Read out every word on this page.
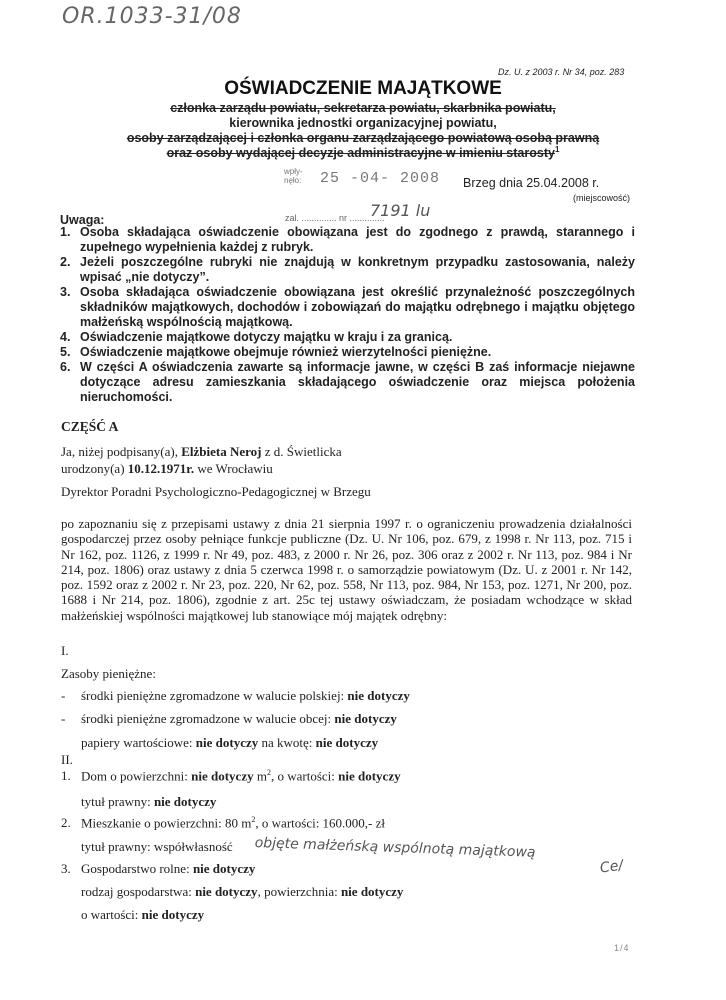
OR.1033-31/08
Dz. U. z 2003 r. Nr 34, poz. 283
OŚWIADCZENIE MAJĄTKOWE
członka zarządu powiatu, sekretarza powiatu, skarbnika powiatu,
kierownika jednostki organizacyjnej powiatu,
osoby zarządzającej i członka organu zarządzającego powiatową osobą prawną
oraz osoby wydającej decyzje administracyjne w imieniu starosty$^1$
wpły-
nęło: 25 -04- 2008 Brzeg dnia 25.04.2008 r.
(miejscowość)
zal. .............. nr ..............
7191 lu
Uwaga:
1. Osoba składająca oświadczenie obowiązana jest do zgodnego z prawdą, starannego i zupełnego wypełnienia każdej z rubryk.
2. Jeżeli poszczególne rubryki nie znajdują w konkretnym przypadku zastosowania, należy wpisać „nie dotyczy”.
3. Osoba składająca oświadczenie obowiązana jest określić przynależność poszczególnych składników majątkowych, dochodów i zobowiązań do majątku odrębnego i majątku objętego małżeńską wspólnością majątkową.
4. Oświadczenie majątkowe dotyczy majątku w kraju i za granicą.
5. Oświadczenie majątkowe obejmuje również wierzytelności pieniężne.
6. W części A oświadczenia zawarte są informacje jawne, w części B zaś informacje niejawne dotyczące adresu zamieszkania składającego oświadczenie oraz miejsca położenia nieruchomości.
CZĘŚĆ A
Ja, niżej podpisany(a), Elżbieta Neroj z d. Świetlicka
urodzony(a) 10.12.1971r. we Wrocławiu
Dyrektor Poradni Psychologiczno-Pedagogicznej w Brzegu
po zapoznaniu się z przepisami ustawy z dnia 21 sierpnia 1997 r. o ograniczeniu prowadzenia działalności gospodarczej przez osoby pełniące funkcje publiczne (Dz. U. Nr 106, poz. 679, z 1998 r. Nr 113, poz. 715 i Nr 162, poz. 1126, z 1999 r. Nr 49, poz. 483, z 2000 r. Nr 26, poz. 306 oraz z 2002 r. Nr 113, poz. 984 i Nr 214, poz. 1806) oraz ustawy z dnia 5 czerwca 1998 r. o samorządzie powiatowym (Dz. U. z 2001 r. Nr 142, poz. 1592 oraz z 2002 r. Nr 23, poz. 220, Nr 62, poz. 558, Nr 113, poz. 984, Nr 153, poz. 1271, Nr 200, poz. 1688 i Nr 214, poz. 1806), zgodnie z art. 25c tej ustawy oświadczam, że posiadam wchodzące w skład małżeńskiej wspólności majątkowej lub stanowiące mój majątek odrębny:
I.
Zasoby pieniężne:
- środki pieniężne zgromadzone w walucie polskiej: nie dotyczy
- środki pieniężne zgromadzone w walucie obcej: nie dotyczy
papiery wartościowe: nie dotyczy na kwotę: nie dotyczy
II.
1. Dom o powierzchni: nie dotyczy $m^2$, o wartości: nie dotyczy
tytuł prawny: nie dotyczy
2. Mieszkanie o powierzchni: 80 $m^2$, o wartości: 160.000,- zł
tytuł prawny: współwłasność objęte małżeńską wspólnotą majątkową
Ce/
3. Gospodarstwo rolne: nie dotyczy
rodzaj gospodarstwa: nie dotyczy, powierzchnia: nie dotyczy
o wartości: nie dotyczy
1/4
